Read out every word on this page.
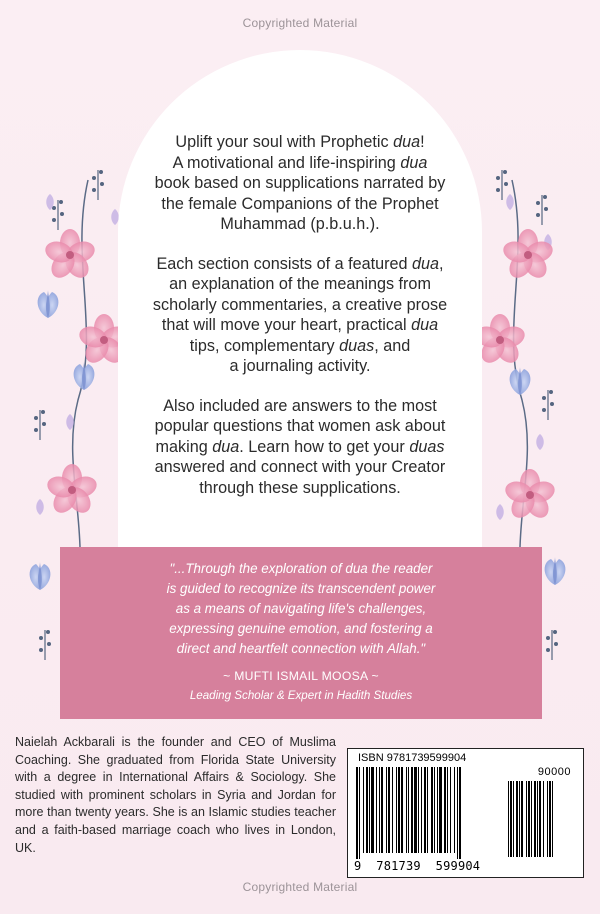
Copyrighted Material

Uplift your soul with Prophetic dua!
A motivational and life-inspiring dua
book based on supplications narrated by
the female Companions of the Prophet
Muhammad (p.b.u.h.).

Each section consists of a featured dua,
an explanation of the meanings from
scholarly commentaries, a creative prose
that will move your heart, practical dua
tips, complementary duas, and
a journaling activity.

Also included are answers to the most
popular questions that women ask about
making dua. Learn how to get your duas
answered and connect with your Creator
through these supplications.

"...Through the exploration of dua the reader
is guided to recognize its transcendent power
as a means of navigating life's challenges,
expressing genuine emotion, and fostering a
direct and heartfelt connection with Allah."
~ MUFTI ISMAIL MOOSA ~
Leading Scholar & Expert in Hadith Studies
Naielah Ackbarali is the founder and CEO of Muslima Coaching. She graduated from Florida State University with a degree in International Affairs & Sociology. She studied with prominent scholars in Syria and Jordan for more than twenty years. She is an Islamic studies teacher and a faith-based marriage coach who lives in London, UK.
ISBN 9781739599904
90000
9  781739  599904
Copyrighted Material
